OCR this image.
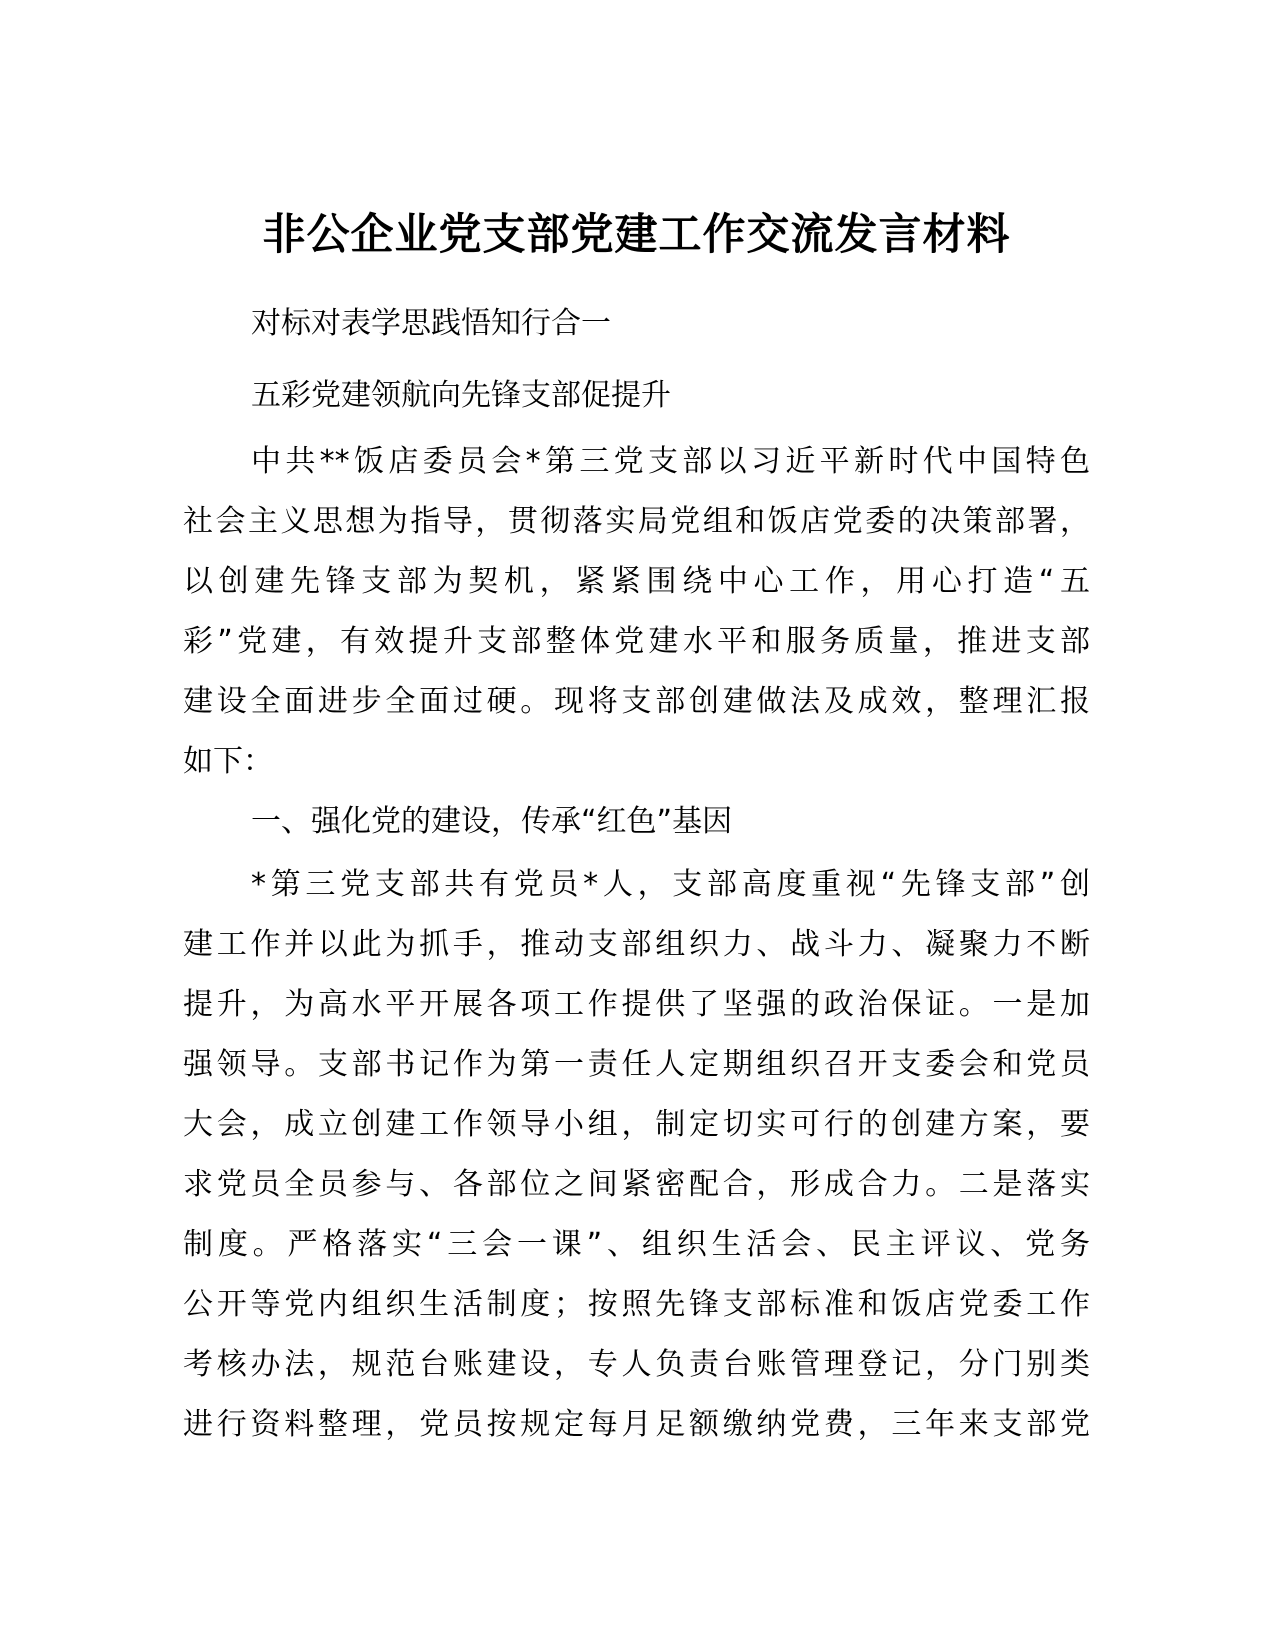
非公企业党支部党建工作交流发言材料

对标对表学思践悟知行合一

五彩党建领航向先锋支部促提升

中共**饭店委员会*第三党支部以习近平新时代中国特色
社会主义思想为指导，贯彻落实局党组和饭店党委的决策部署，
以创建先锋支部为契机，紧紧围绕中心工作，用心打造“五
彩”党建，有效提升支部整体党建水平和服务质量，推进支部
建设全面进步全面过硬。现将支部创建做法及成效，整理汇报
如下：

一、强化党的建设，传承“红色”基因

*第三党支部共有党员*人，支部高度重视“先锋支部”创
建工作并以此为抓手，推动支部组织力、战斗力、凝聚力不断
提升，为高水平开展各项工作提供了坚强的政治保证。一是加
强领导。支部书记作为第一责任人定期组织召开支委会和党员
大会，成立创建工作领导小组，制定切实可行的创建方案，要
求党员全员参与、各部位之间紧密配合，形成合力。二是落实
制度。严格落实“三会一课”、组织生活会、民主评议、党务
公开等党内组织生活制度；按照先锋支部标准和饭店党委工作
考核办法，规范台账建设，专人负责台账管理登记，分门别类
进行资料整理，党员按规定每月足额缴纳党费，三年来支部党
